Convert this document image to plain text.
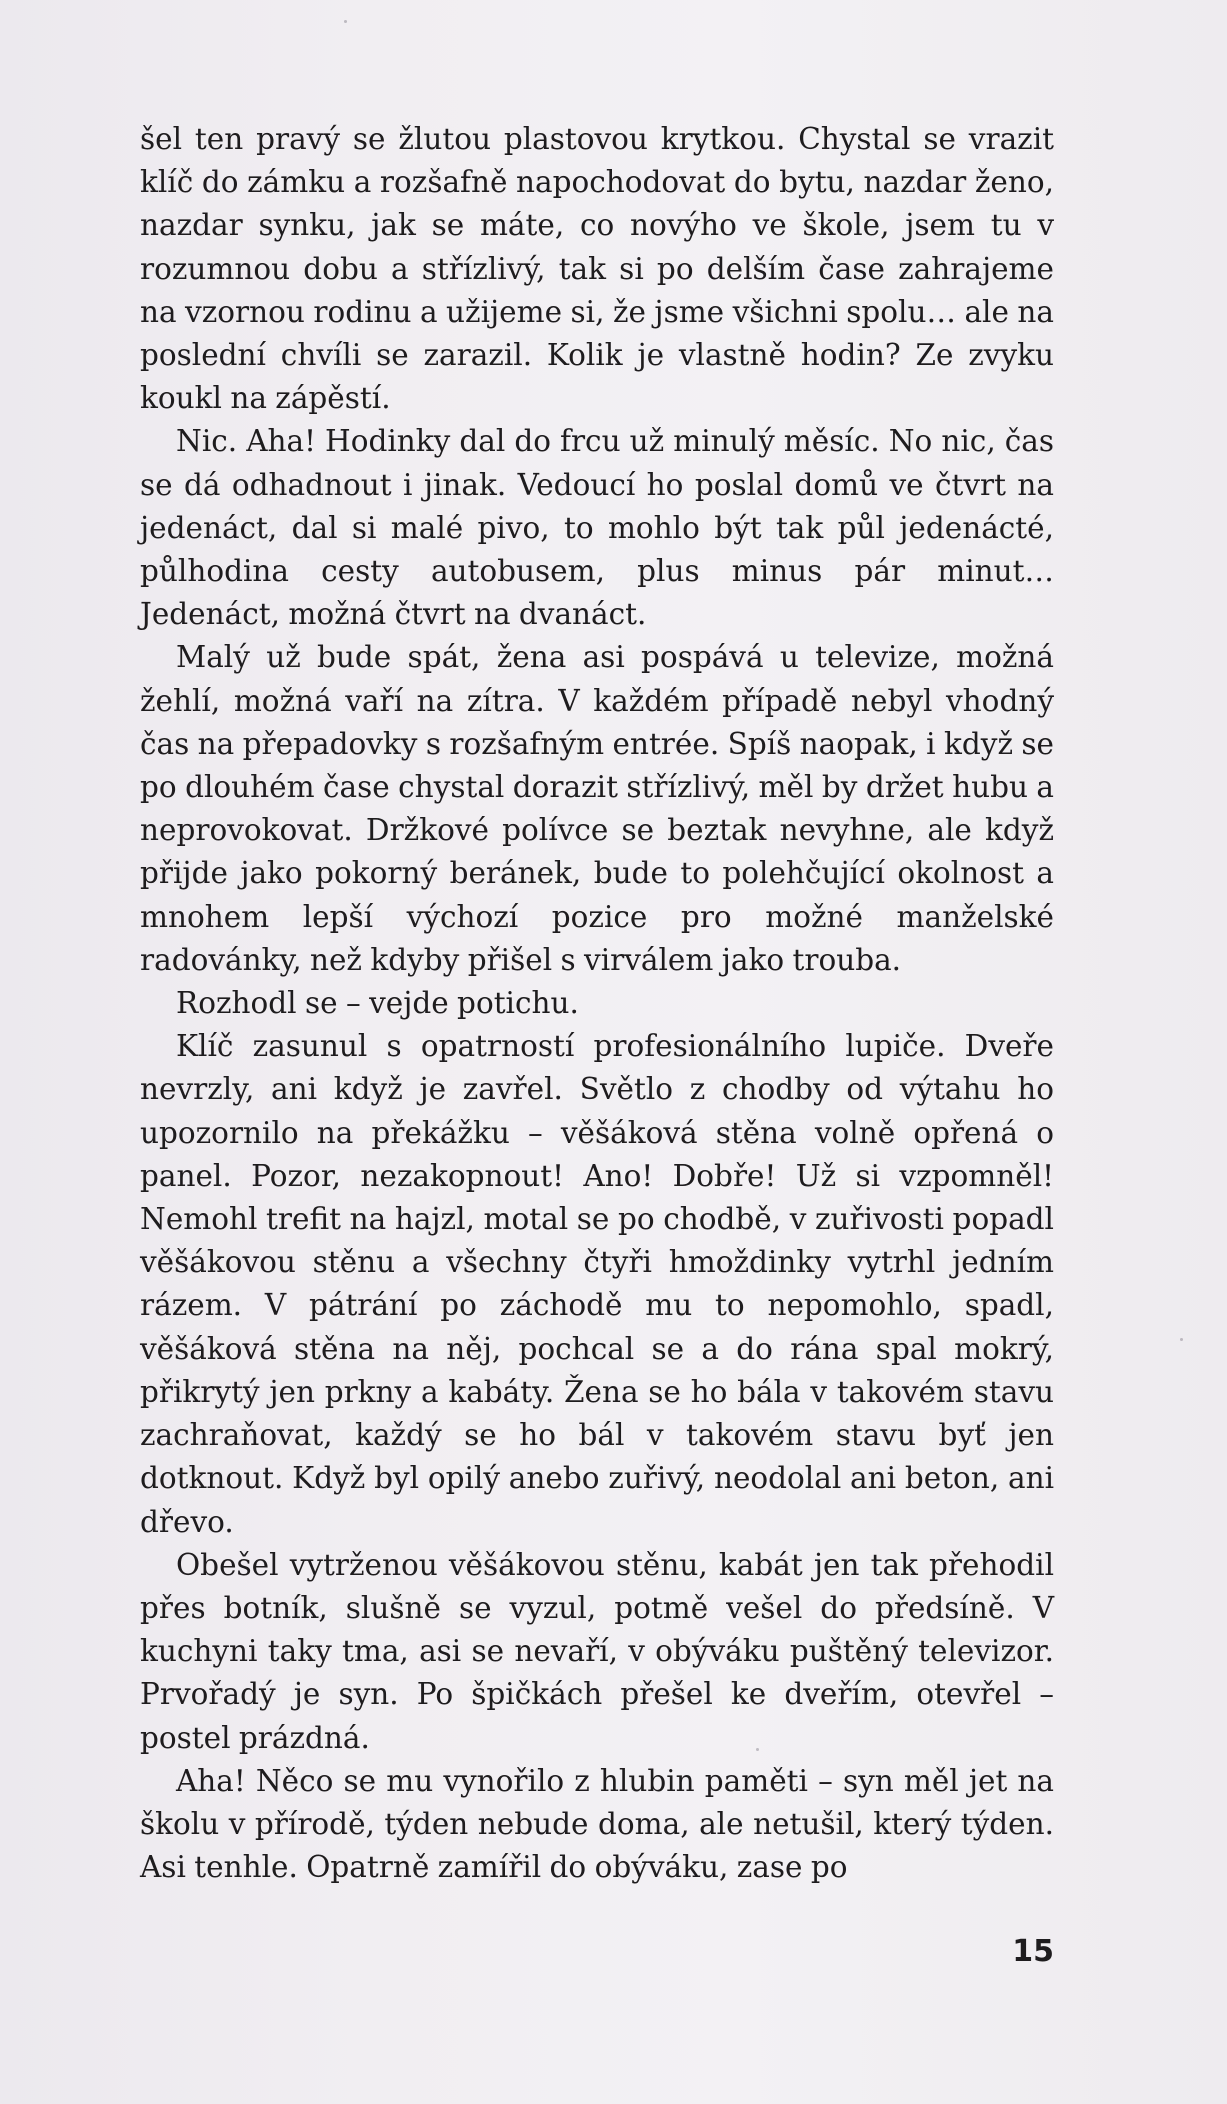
šel ten pravý se žlutou plastovou krytkou. Chystal se vrazit klíč do zámku a rozšafně napochodovat do bytu, nazdar ženo, nazdar synku, jak se máte, co novýho ve škole, jsem tu v rozumnou dobu a střízlivý, tak si po delším čase zahrajeme na vzornou rodinu a užijeme si, že jsme všichni spolu… ale na poslední chvíli se zarazil. Kolik je vlastně hodin? Ze zvyku koukl na zápěstí.

Nic. Aha! Hodinky dal do frcu už minulý měsíc. No nic, čas se dá odhadnout i jinak. Vedoucí ho poslal domů ve čtvrt na jedenáct, dal si malé pivo, to mohlo být tak půl jedenácté, půlhodina cesty autobusem, plus minus pár minut… Jedenáct, možná čtvrt na dvanáct.

Malý už bude spát, žena asi pospává u televize, možná žehlí, možná vaří na zítra. V každém případě nebyl vhodný čas na přepadovky s rozšafným entrée. Spíš naopak, i když se po dlouhém čase chystal dorazit střízlivý, měl by držet hubu a neprovokovat. Držkové polívce se beztak nevyhne, ale když přijde jako pokorný beránek, bude to polehčující okolnost a mnohem lepší výchozí pozice pro možné manželské radovánky, než kdyby přišel s virválem jako trouba.

Rozhodl se – vejde potichu.

Klíč zasunul s opatrností profesionálního lupiče. Dveře nevrzly, ani když je zavřel. Světlo z chodby od výtahu ho upozornilo na překážku – věšáková stěna volně opřená o panel. Pozor, nezakopnout! Ano! Dobře! Už si vzpomněl! Nemohl trefit na hajzl, motal se po chodbě, v zuřivosti popadl věšákovou stěnu a všechny čtyři hmoždinky vytrhl jedním rázem. V pátrání po záchodě mu to nepomohlo, spadl, věšáková stěna na něj, pochcal se a do rána spal mokrý, přikrytý jen prkny a kabáty. Žena se ho bála v takovém stavu zachraňovat, každý se ho bál v takovém stavu byť jen dotknout. Když byl opilý anebo zuřivý, neodolal ani beton, ani dřevo.

Obešel vytrženou věšákovou stěnu, kabát jen tak přehodil přes botník, slušně se vyzul, potmě vešel do předsíně. V kuchyni taky tma, asi se nevaří, v obýváku puštěný televizor. Prvořadý je syn. Po špičkách přešel ke dveřím, otevřel – postel prázdná.

Aha! Něco se mu vynořilo z hlubin paměti – syn měl jet na školu v přírodě, týden nebude doma, ale netušil, který týden. Asi tenhle. Opatrně zamířil do obýváku, zase po

15
